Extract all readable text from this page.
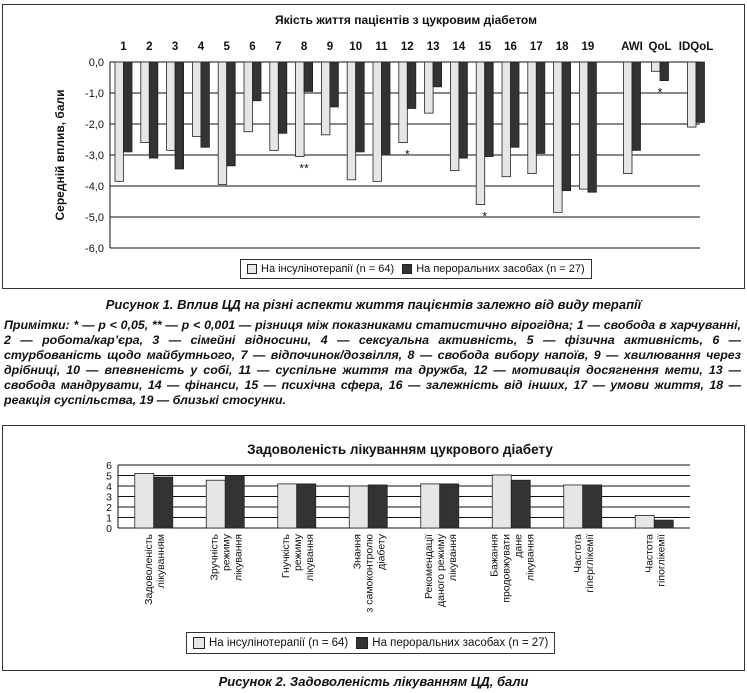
Якість життя пацієнтів з цукровим діабетом
Середній вплив, бали
0,0
-1,0
-2,0
-3,0
-4,0
-5,0
-6,0
1 2 3 4 5 6 7 8 9 10 11 12 13 14 15 16 17 18 19 AWI QoL IDQoL
**
*
*
*
На інсулінотерапії (n = 64) На пероральних засобах (n = 27)
Рисунок 1. Вплив ЦД на різні аспекти життя пацієнтів залежно від виду терапії
Примітки: * — р < 0,05, ** — р < 0,001 — різниця між показниками статистично вірогідна; 1 — свобода в харчуванні, 2 — робота/кар’єра, 3 — сімейні відносини, 4 — сексуальна активність, 5 — фізична активність, 6 — стурбованість щодо майбутнього, 7 — відпочинок/дозвілля, 8 — свобода вибору напоїв, 9 — хвилювання через дрібниці, 10 — впевненість у собі, 11 — суспільне життя та дружба, 12 — мотивація досягнення мети, 13 — свобода мандрувати, 14 — фінанси, 15 — психічна сфера, 16 — залежність від інших, 17 — умови життя, 18 — реакція суспільства, 19 — близькі стосунки.
Задоволеність лікуванням цукрового діабету
0
1
2
3
4
5
6
Задоволеність лікуванням	Зручність режиму лікування	Гнучкість режиму лікування	Знання з самоконтролю діабету	Рекомендації даного режиму лікування	Бажання продовжувати дане лікування	Частота гіперглікемії	Частота гіпоглікемії
На інсулінотерапії (n = 64) На пероральних засобах (n = 27)
Рисунок 2. Задоволеність лікуванням ЦД, бали
